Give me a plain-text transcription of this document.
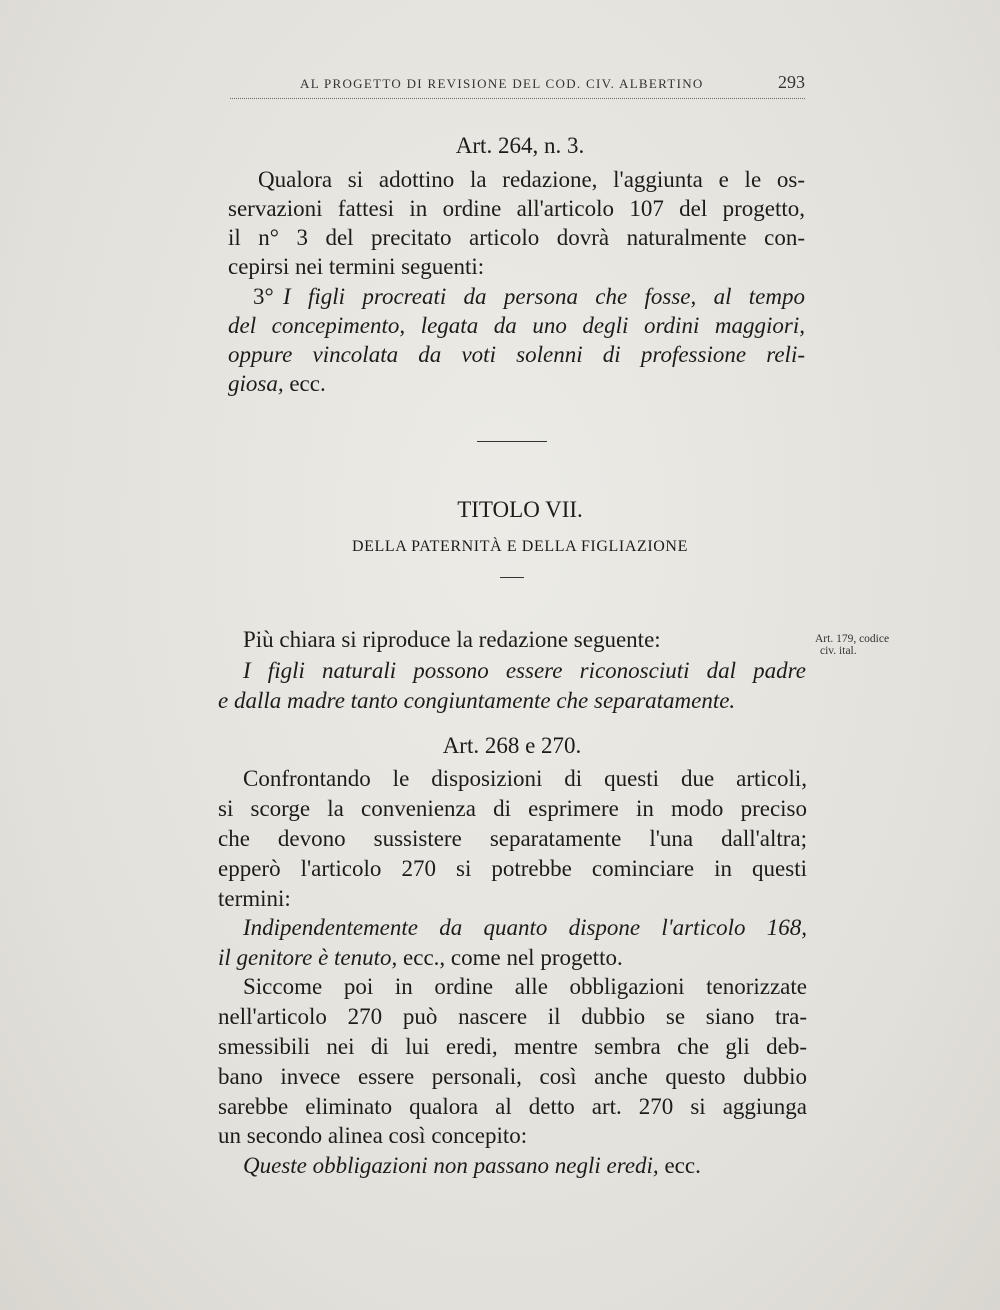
AL PROGETTO DI REVISIONE DEL COD. CIV. ALBERTINO	293
Art. 264, n. 3.
Qualora si adottino la redazione, l'aggiunta e le os-
servazioni fattesi in ordine all'articolo 107 del progetto,
il n° 3 del precitato articolo dovrà naturalmente con-
cepirsi nei termini seguenti:
3° I figli procreati da persona che fosse, al tempo
del concepimento, legata da uno degli ordini maggiori,
oppure vincolata da voti solenni di professione reli-
giosa, ecc.
TITOLO VII.
DELLA PATERNITÀ E DELLA FIGLIAZIONE
Più chiara si riproduce la redazione seguente:
I figli naturali possono essere riconosciuti dal padre
e dalla madre tanto congiuntamente che separatamente.
Art. 179, codice
civ. ital.
Art. 268 e 270.
Confrontando le disposizioni di questi due articoli,
si scorge la convenienza di esprimere in modo preciso
che devono sussistere separatamente l'una dall'altra;
epperò l'articolo 270 si potrebbe cominciare in questi
termini:
Indipendentemente da quanto dispone l'articolo 168,
il genitore è tenuto, ecc., come nel progetto.
Siccome poi in ordine alle obbligazioni tenorizzate
nell'articolo 270 può nascere il dubbio se siano tra-
smessibili nei di lui eredi, mentre sembra che gli deb-
bano invece essere personali, così anche questo dubbio
sarebbe eliminato qualora al detto art. 270 si aggiunga
un secondo alinea così concepito:
Queste obbligazioni non passano negli eredi, ecc.
